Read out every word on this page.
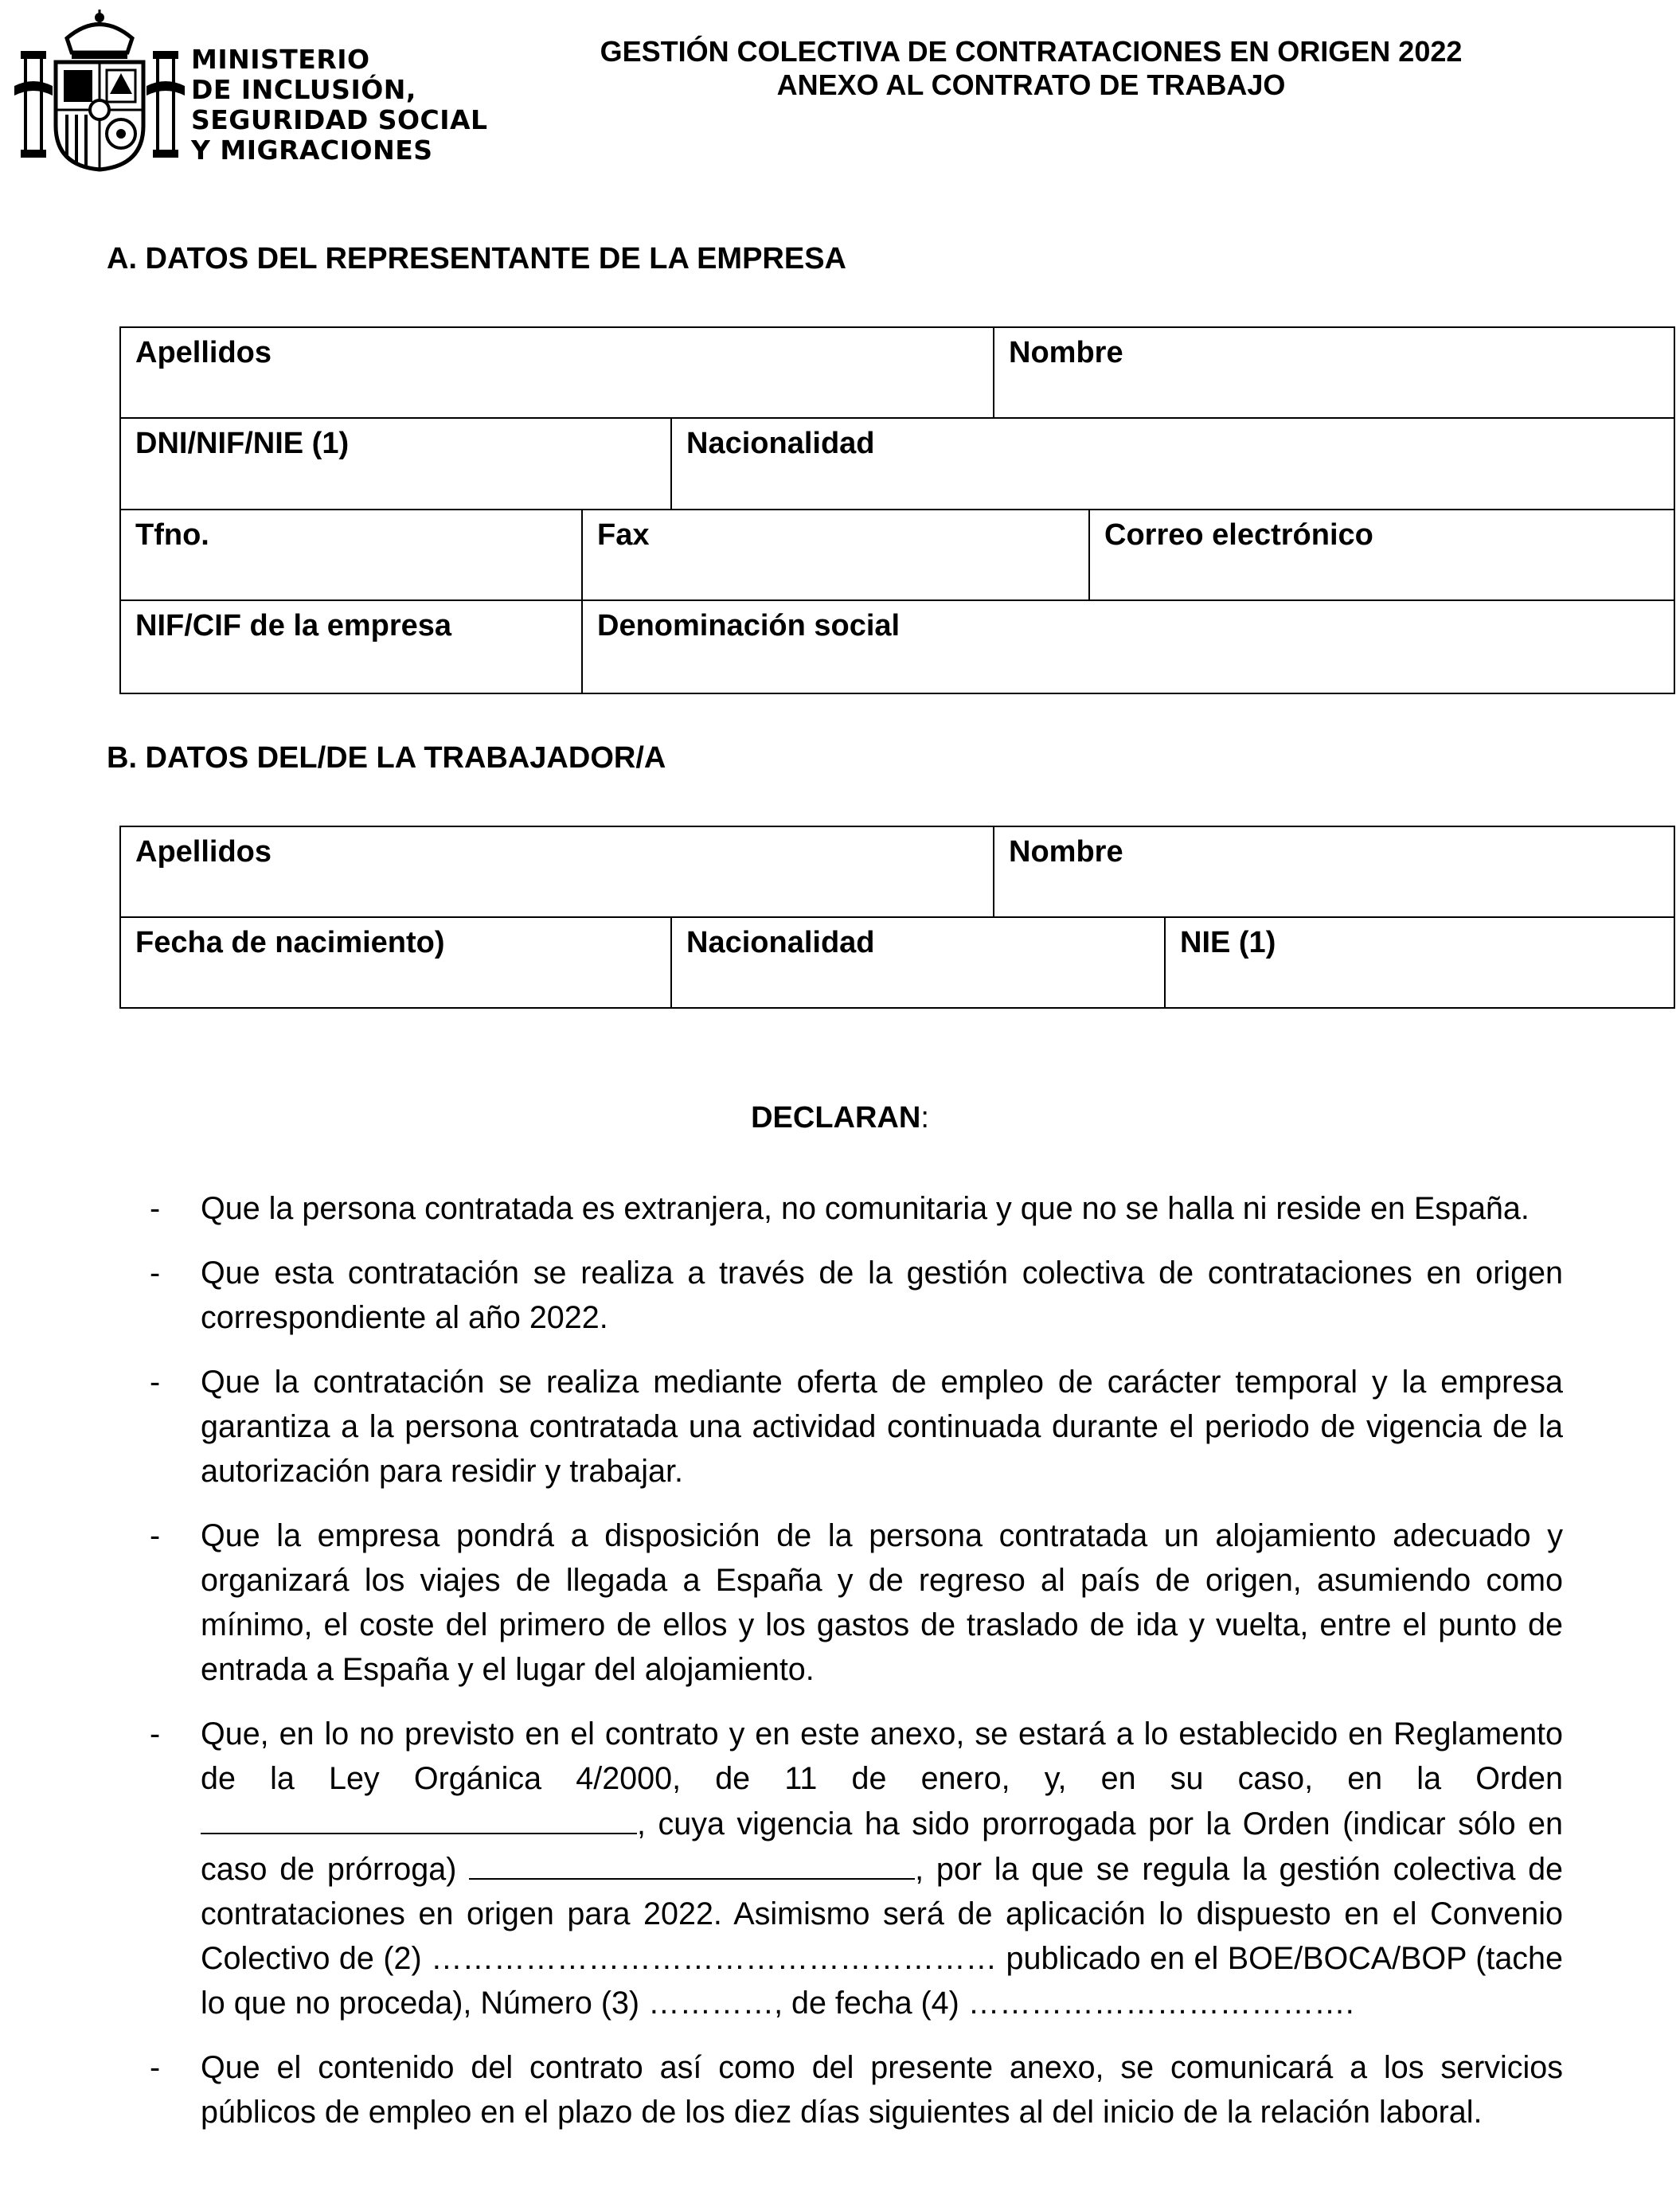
MINISTERIO
DE INCLUSIÓN,
SEGURIDAD SOCIAL
Y MIGRACIONES
GESTIÓN COLECTIVA DE CONTRATACIONES EN ORIGEN 2022
ANEXO AL CONTRATO DE TRABAJO
A. DATOS DEL REPRESENTANTE DE LA EMPRESA
Apellidos	Nombre
DNI/NIF/NIE (1)	Nacionalidad
Tfno.	Fax	Correo electrónico
NIF/CIF de la empresa	Denominación social
B. DATOS DEL/DE LA TRABAJADOR/A
Apellidos	Nombre
Fecha de nacimiento)	Nacionalidad	NIE (1)
DECLARAN:
- Que la persona contratada es extranjera, no comunitaria y que no se halla ni reside en España.
- Que esta contratación se realiza a través de la gestión colectiva de contrataciones en origen correspondiente al año 2022.
- Que la contratación se realiza mediante oferta de empleo de carácter temporal y la empresa garantiza a la persona contratada una actividad continuada durante el periodo de vigencia de la autorización para residir y trabajar.
- Que la empresa pondrá a disposición de la persona contratada un alojamiento adecuado y organizará los viajes de llegada a España y de regreso al país de origen, asumiendo como mínimo, el coste del primero de ellos y los gastos de traslado de ida y vuelta, entre el punto de entrada a España y el lugar del alojamiento.
- Que, en lo no previsto en el contrato y en este anexo, se estará a lo establecido en Reglamento de la Ley Orgánica 4/2000, de 11 de enero, y, en su caso, en la Orden , cuya vigencia ha sido prorrogada por la Orden (indicar sólo en caso de prórroga)	, por la que se regula la gestión colectiva de contrataciones en origen para 2022. Asimismo será de aplicación lo dispuesto en el Convenio Colectivo de (2) ……………………………………………… publicado en el BOE/BOCA/BOP (tache lo que no proceda), Número (3) …………, de fecha (4) ……………………………….
- Que el contenido del contrato así como del presente anexo, se comunicará a los servicios públicos de empleo en el plazo de los diez días siguientes al del inicio de la relación laboral.
